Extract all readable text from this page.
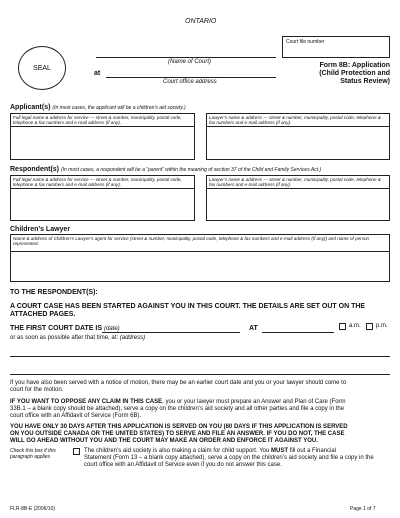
ONTARIO
Court file number
SEAL
(Name of Court)
at
Court office address
Form 8B: Application
(Child Protection and
Status Review)
Applicant(s) (In most cases, the applicant will be a children’s aid society.)
Full legal name & address for service — street & number, municipality, postal code, telephone & fax numbers and e-mail address (if any).
Lawyer’s name & address — street & number, municipality, postal code, telephone & fax numbers and e-mail address (if any).
Respondent(s) (In most cases, a respondent will be a “parent” within the meaning of section 37 of the Child and Family Services Act.)
Full legal name & address for service — street & number, municipality, postal code, telephone & fax numbers and e-mail address (if any).
Lawyer’s name & address — street & number, municipality, postal code, telephone & fax numbers and e-mail address (if any).
Children’s Lawyer
Name & address of Children’s Lawyer’s agent for service (street & number, municipality, postal code, telephone & fax numbers and e-mail address (if any)) and name of person represented.
TO THE RESPONDENT(S):
A COURT CASE HAS BEEN STARTED AGAINST YOU IN THIS COURT. THE DETAILS ARE SET OUT ON THE
ATTACHED PAGES.
THE FIRST COURT DATE IS (date)	AT	a.m.	p.m.
or as soon as possible after that time, at: (address)
If you have also been served with a notice of motion, there may be an earlier court date and you or your lawyer should come to
court for the motion.
IF YOU WANT TO OPPOSE ANY CLAIM IN THIS CASE, you or your lawyer must prepare an Answer and Plan of Care (Form
33B.1 – a blank copy should be attached), serve a copy on the children’s aid society and all other parties and file a copy in the
court office with an Affidavit of Service (Form 6B).
YOU HAVE ONLY 30 DAYS AFTER THIS APPLICATION IS SERVED ON YOU (60 DAYS IF THIS APPLICATION IS SERVED
ON YOU OUTSIDE CANADA OR THE UNITED STATES) TO SERVE AND FILE AN ANSWER. IF YOU DO NOT, THE CASE
WILL GO AHEAD WITHOUT YOU AND THE COURT MAY MAKE AN ORDER AND ENFORCE IT AGAINST YOU.
Check this box if this
paragraph applies
The children’s aid society is also making a claim for child support. You MUST fill out a Financial
Statement (Form 13 – a blank copy attached), serve a copy on the children’s aid society and file a copy in the
court office with an Affidavit of Service even if you do not answer this case.
FLR-8B-E (2006/10)	Page 1 of 7
